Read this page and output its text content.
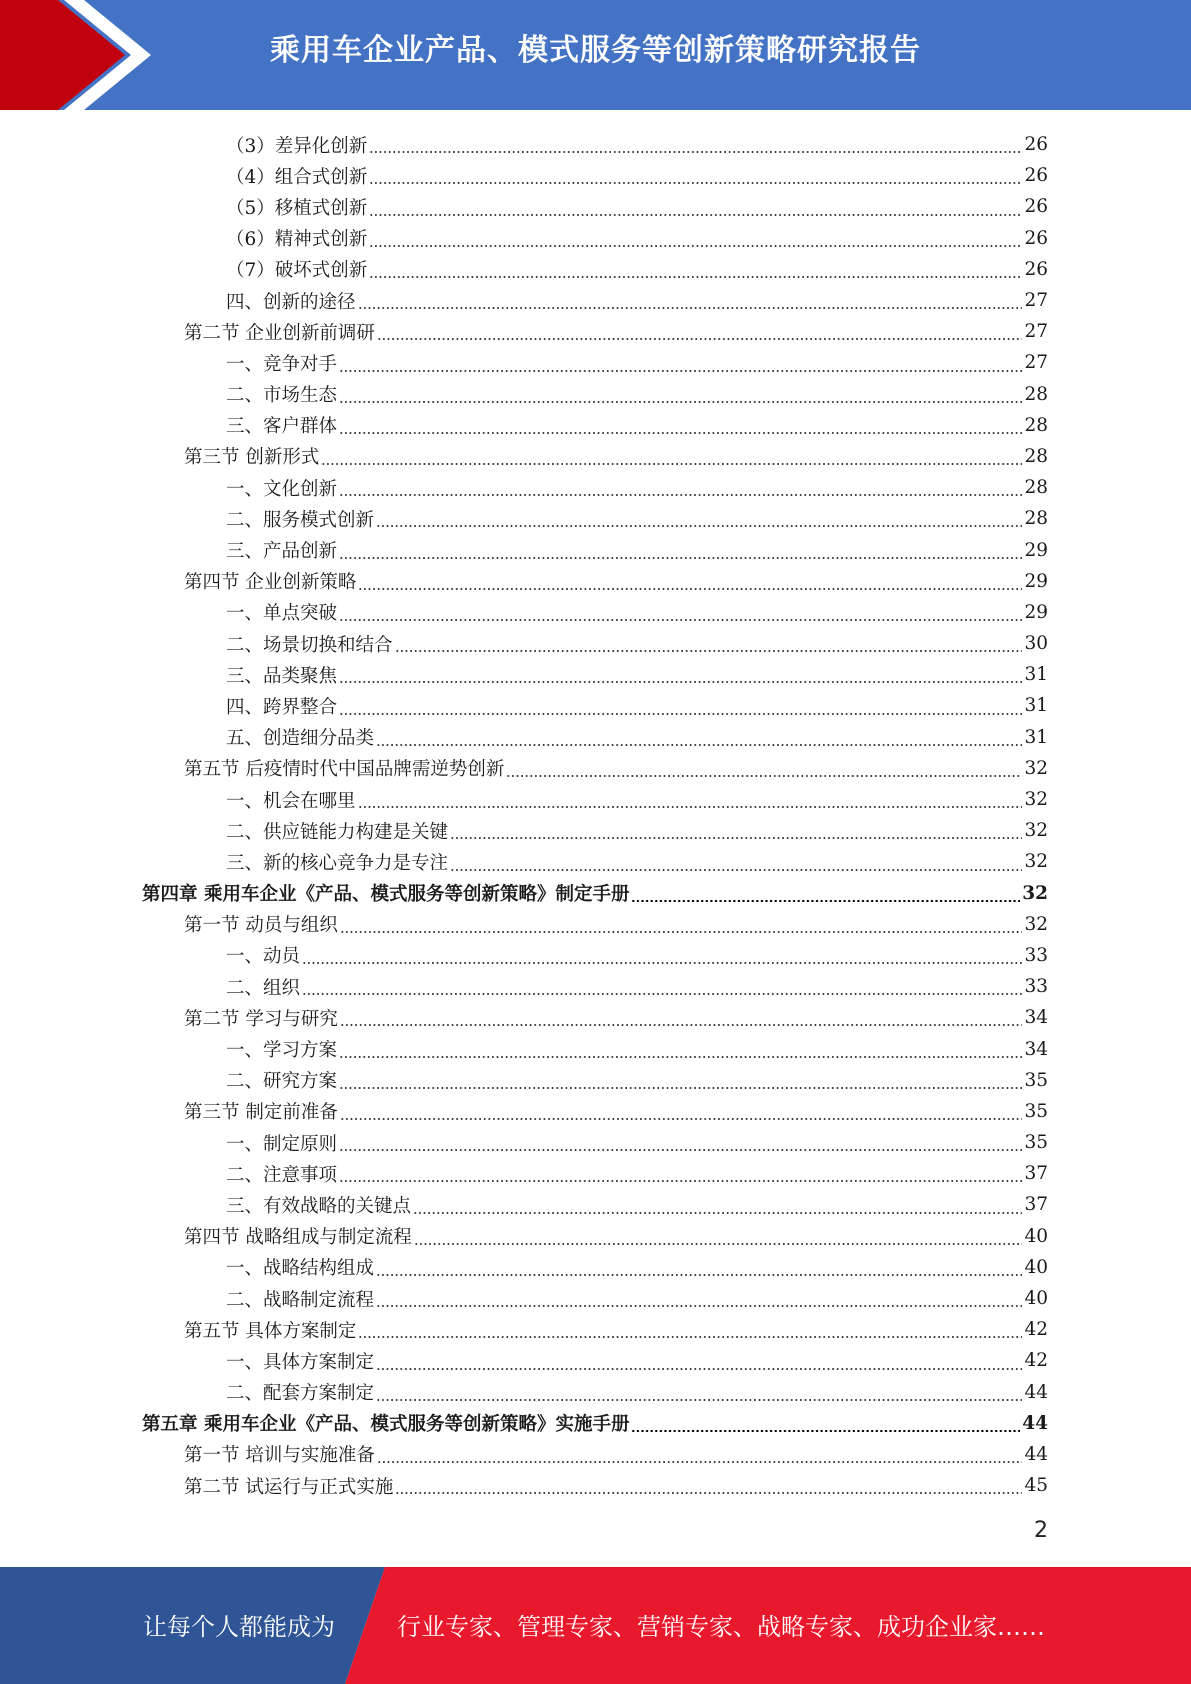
乘用车企业产品、模式服务等创新策略研究报告
（3）差异化创新	26
（4）组合式创新	26
（5）移植式创新	26
（6）精神式创新	26
（7）破坏式创新	26
四、创新的途径	27
第二节 企业创新前调研	27
一、竞争对手	27
二、市场生态	28
三、客户群体	28
第三节 创新形式	28
一、文化创新	28
二、服务模式创新	28
三、产品创新	29
第四节 企业创新策略	29
一、单点突破	29
二、场景切换和结合	30
三、品类聚焦	31
四、跨界整合	31
五、创造细分品类	31
第五节 后疫情时代中国品牌需逆势创新	32
一、机会在哪里	32
二、供应链能力构建是关键	32
三、新的核心竞争力是专注	32
第四章 乘用车企业《产品、模式服务等创新策略》制定手册	32
第一节 动员与组织	32
一、动员	33
二、组织	33
第二节 学习与研究	34
一、学习方案	34
二、研究方案	35
第三节 制定前准备	35
一、制定原则	35
二、注意事项	37
三、有效战略的关键点	37
第四节 战略组成与制定流程	40
一、战略结构组成	40
二、战略制定流程	40
第五节 具体方案制定	42
一、具体方案制定	42
二、配套方案制定	44
第五章 乘用车企业《产品、模式服务等创新策略》实施手册	44
第一节 培训与实施准备	44
第二节 试运行与正式实施	45
2
让每个人都能成为	行业专家、管理专家、营销专家、战略专家、成功企业家……
